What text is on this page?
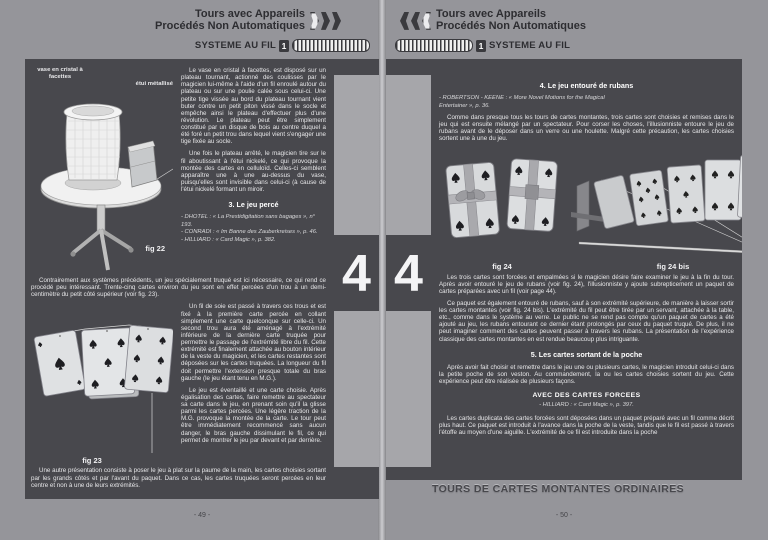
Tours avec Appareils
Procédés Non Automatiques
SYSTEME AU FIL 1
4
vase en cristal à facettes
étui métallisé
fig 22

Le vase en cristal à facettes, est disposé sur un plateau tournant, actionné des coulisses par le magicien lui-même à l'aide d'un fil enroulé autour du plateau ou sur une poulie calée sous celui-ci. Une petite tige vissée au bord du plateau tournant vient buter contre un petit piton vissé dans le socle et empêche ainsi le plateau d'effectuer plus d'une révolution. Le plateau peut être simplement constitué par un disque de bois au centre duquel a été foré un petit trou dans lequel vient s'engager une tige fixée au socle.

Une fois le plateau arrêté, le magicien tire sur le fil aboutissant à l'étui nickelé, ce qui provoque la montée des cartes en celluloïd. Celles-ci semblent apparaître une à une au-dessus du vase, puisqu'elles sont invisible dans celui-ci (à cause de l'étui nickelé formant un miroir.

3. Le jeu percé
- DHOTEL : « La Prestidigitation sans bagages », n° 193.
- CONRADI : « Im Banne des Zauberkreises », p. 46.
- HILLIARD : « Card Magic », p. 382.

Contrairement aux systèmes précédents, un jeu spécialement truqué est ici nécessaire, ce qui rend ce procédé peu intéressant. Trente-cinq cartes environ du jeu sont en effet percées d'un trou à un demi-centimètre du petit côté supérieur (voir fig. 23).

fig 23

Un fil de soie est passé à travers ces trous et est fixé à la première carte percée en collant simplement une carte quelconque sur celle-ci. Un second trou aura été aménagé à l'extrémité inférieure de la dernière carte truquée pour permettre le passage de l'extrémité libre du fil. Cette extrémité est finalement attachée au bouton intérieur de la veste du magicien, et les cartes restantes sont déposées sur les cartes truquées. La longueur du fil doit permettre l'extension presque totale du bras gauche (le jeu étant tenu en M.G.).

Le jeu est éventaillé et une carte choisie. Après égalisation des cartes, faire remettre au spectateur sa carte dans le jeu, en prenant soin qu'il la glisse parmi les cartes percées. Une légère traction de la M.G. provoque la montée de la carte. Le tour peut être immédiatement recommencé sans aucun danger, le bras gauche dissimulant le fil, ce qui permet de montrer le jeu par devant et par derrière.

Une autre présentation consiste à poser le jeu à plat sur la paume de la main, les cartes choisies sortant par les grands côtés et par l'avant du paquet. Dans ce cas, les cartes truquées seront percées en leur centre et non à une de leurs extrémités.

- 49 -
Tours avec Appareils
Procédés Non Automatiques
1 SYSTEME AU FIL
4
4. Le jeu entouré de rubans
- ROBERTSON - KEENE : « More Novel Motions for the Magical Entertainer », p. 36.

Comme dans presque tous les tours de cartes montantes, trois cartes sont choisies et remises dans le jeu qui est ensuite mélangé par un spectateur. Pour corser les choses, l'illusionniste entoure le jeu de rubans avant de le déposer dans un verre ou une houlette. Malgré cette précaution, les cartes choisies sortent une à une du jeu.

fig 24	fig 24 bis

Les trois cartes sont forcées et empalmées si le magicien désire faire examiner le jeu à la fin du tour. Après avoir entouré le jeu de rubans (voir fig. 24), l'illusionniste y ajoute subrepticement un paquet de cartes préparées avec un fil (voir page 44).

Ce paquet est également entouré de rubans, sauf à son extrémité supérieure, de manière à laisser sortir les cartes montantes (voir fig. 24 bis). L'extrémité du fil peut être tirée par un servant, attachée à la table, etc., comme dans le système au verre. Le public ne se rend pas compte qu'un paquet de cartes a été ajouté au jeu, les rubans entourant ce dernier étant prolongés par ceux du paquet truqué. De plus, il ne peut imaginer comment des cartes peuvent passer à travers les rubans. La présentation de l'expérience classique des cartes montantes en est rendue beaucoup plus intriguante.

5. Les cartes sortant de la poche

Après avoir fait choisir et remettre dans le jeu une ou plusieurs cartes, le magicien introduit celui-ci dans la petite poche de son veston. Au commandement, la ou les cartes choisies sortent du jeu. Cette expérience peut être réalisée de plusieurs façons.

AVEC DES CARTES FORCEES
- HILLIARD : « Card Magic », p. 397.

Les cartes duplicata des cartes forcées sont déposées dans un paquet préparé avec un fil comme décrit plus haut. Ce paquet est introduit à l'avance dans la poche de la veste, tandis que le fil est passé à travers l'étoffe au moyen d'une aiguille. L'extrémité de ce fil est introduite dans la poche

TOURS DE CARTES MONTANTES ORDINAIRES
- 50 -
